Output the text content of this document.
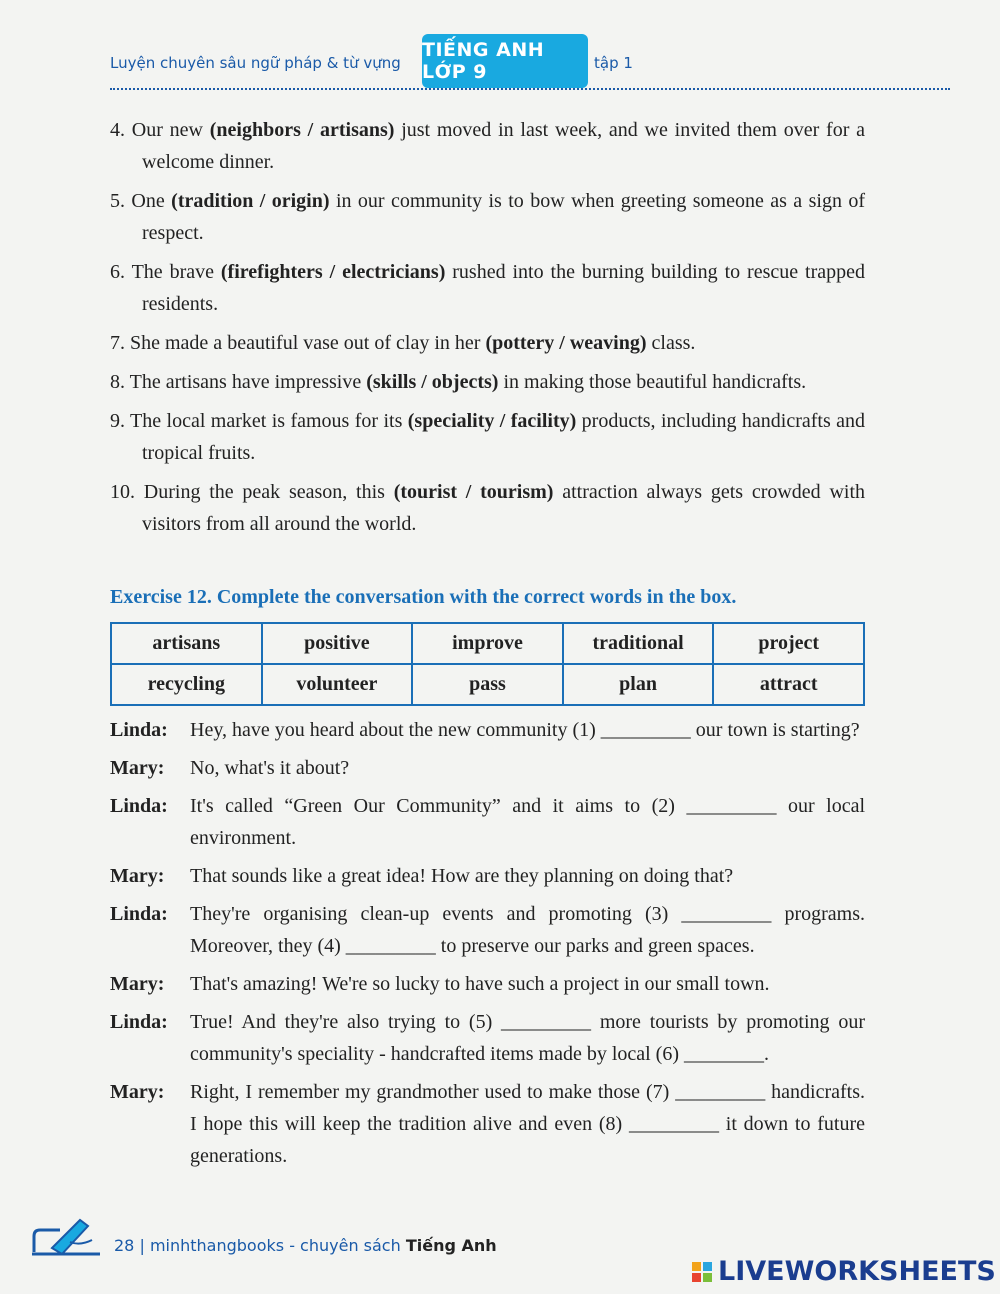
Luyện chuyên sâu ngữ pháp & từ vựng
TIẾNG ANH LỚP 9	tập 1
4. Our new (neighbors / artisans) just moved in last week, and we invited them over for a welcome dinner.
5. One (tradition / origin) in our community is to bow when greeting someone as a sign of respect.
6. The brave (firefighters / electricians) rushed into the burning building to rescue trapped residents.
7. She made a beautiful vase out of clay in her (pottery / weaving) class.
8. The artisans have impressive (skills / objects) in making those beautiful handicrafts.
9. The local market is famous for its (speciality / facility) products, including handicrafts and tropical fruits.
10. During the peak season, this (tourist / tourism) attraction always gets crowded with visitors from all around the world.
Exercise 12. Complete the conversation with the correct words in the box.
artisans	positive	improve	traditional	project
recycling	volunteer	pass	plan	attract
Linda:	Hey, have you heard about the new community (1) _________ our town is starting?
Mary:	No, what's it about?
Linda:	It's called “Green Our Community” and it aims to (2) _________ our local environment.
Mary:	That sounds like a great idea! How are they planning on doing that?
Linda:	They're organising clean-up events and promoting (3) _________ programs. Moreover, they (4) _________ to preserve our parks and green spaces.
Mary:	That's amazing! We're so lucky to have such a project in our small town.
Linda:	True! And they're also trying to (5) _________ more tourists by promoting our community's speciality - handcrafted items made by local (6) ________.
Mary:	Right, I remember my grandmother used to make those (7) _________ handicrafts. I hope this will keep the tradition alive and even (8) _________ it down to future generations.
28 | minhthangbooks - chuyên sách Tiếng Anh
LIVEWORKSHEETS
